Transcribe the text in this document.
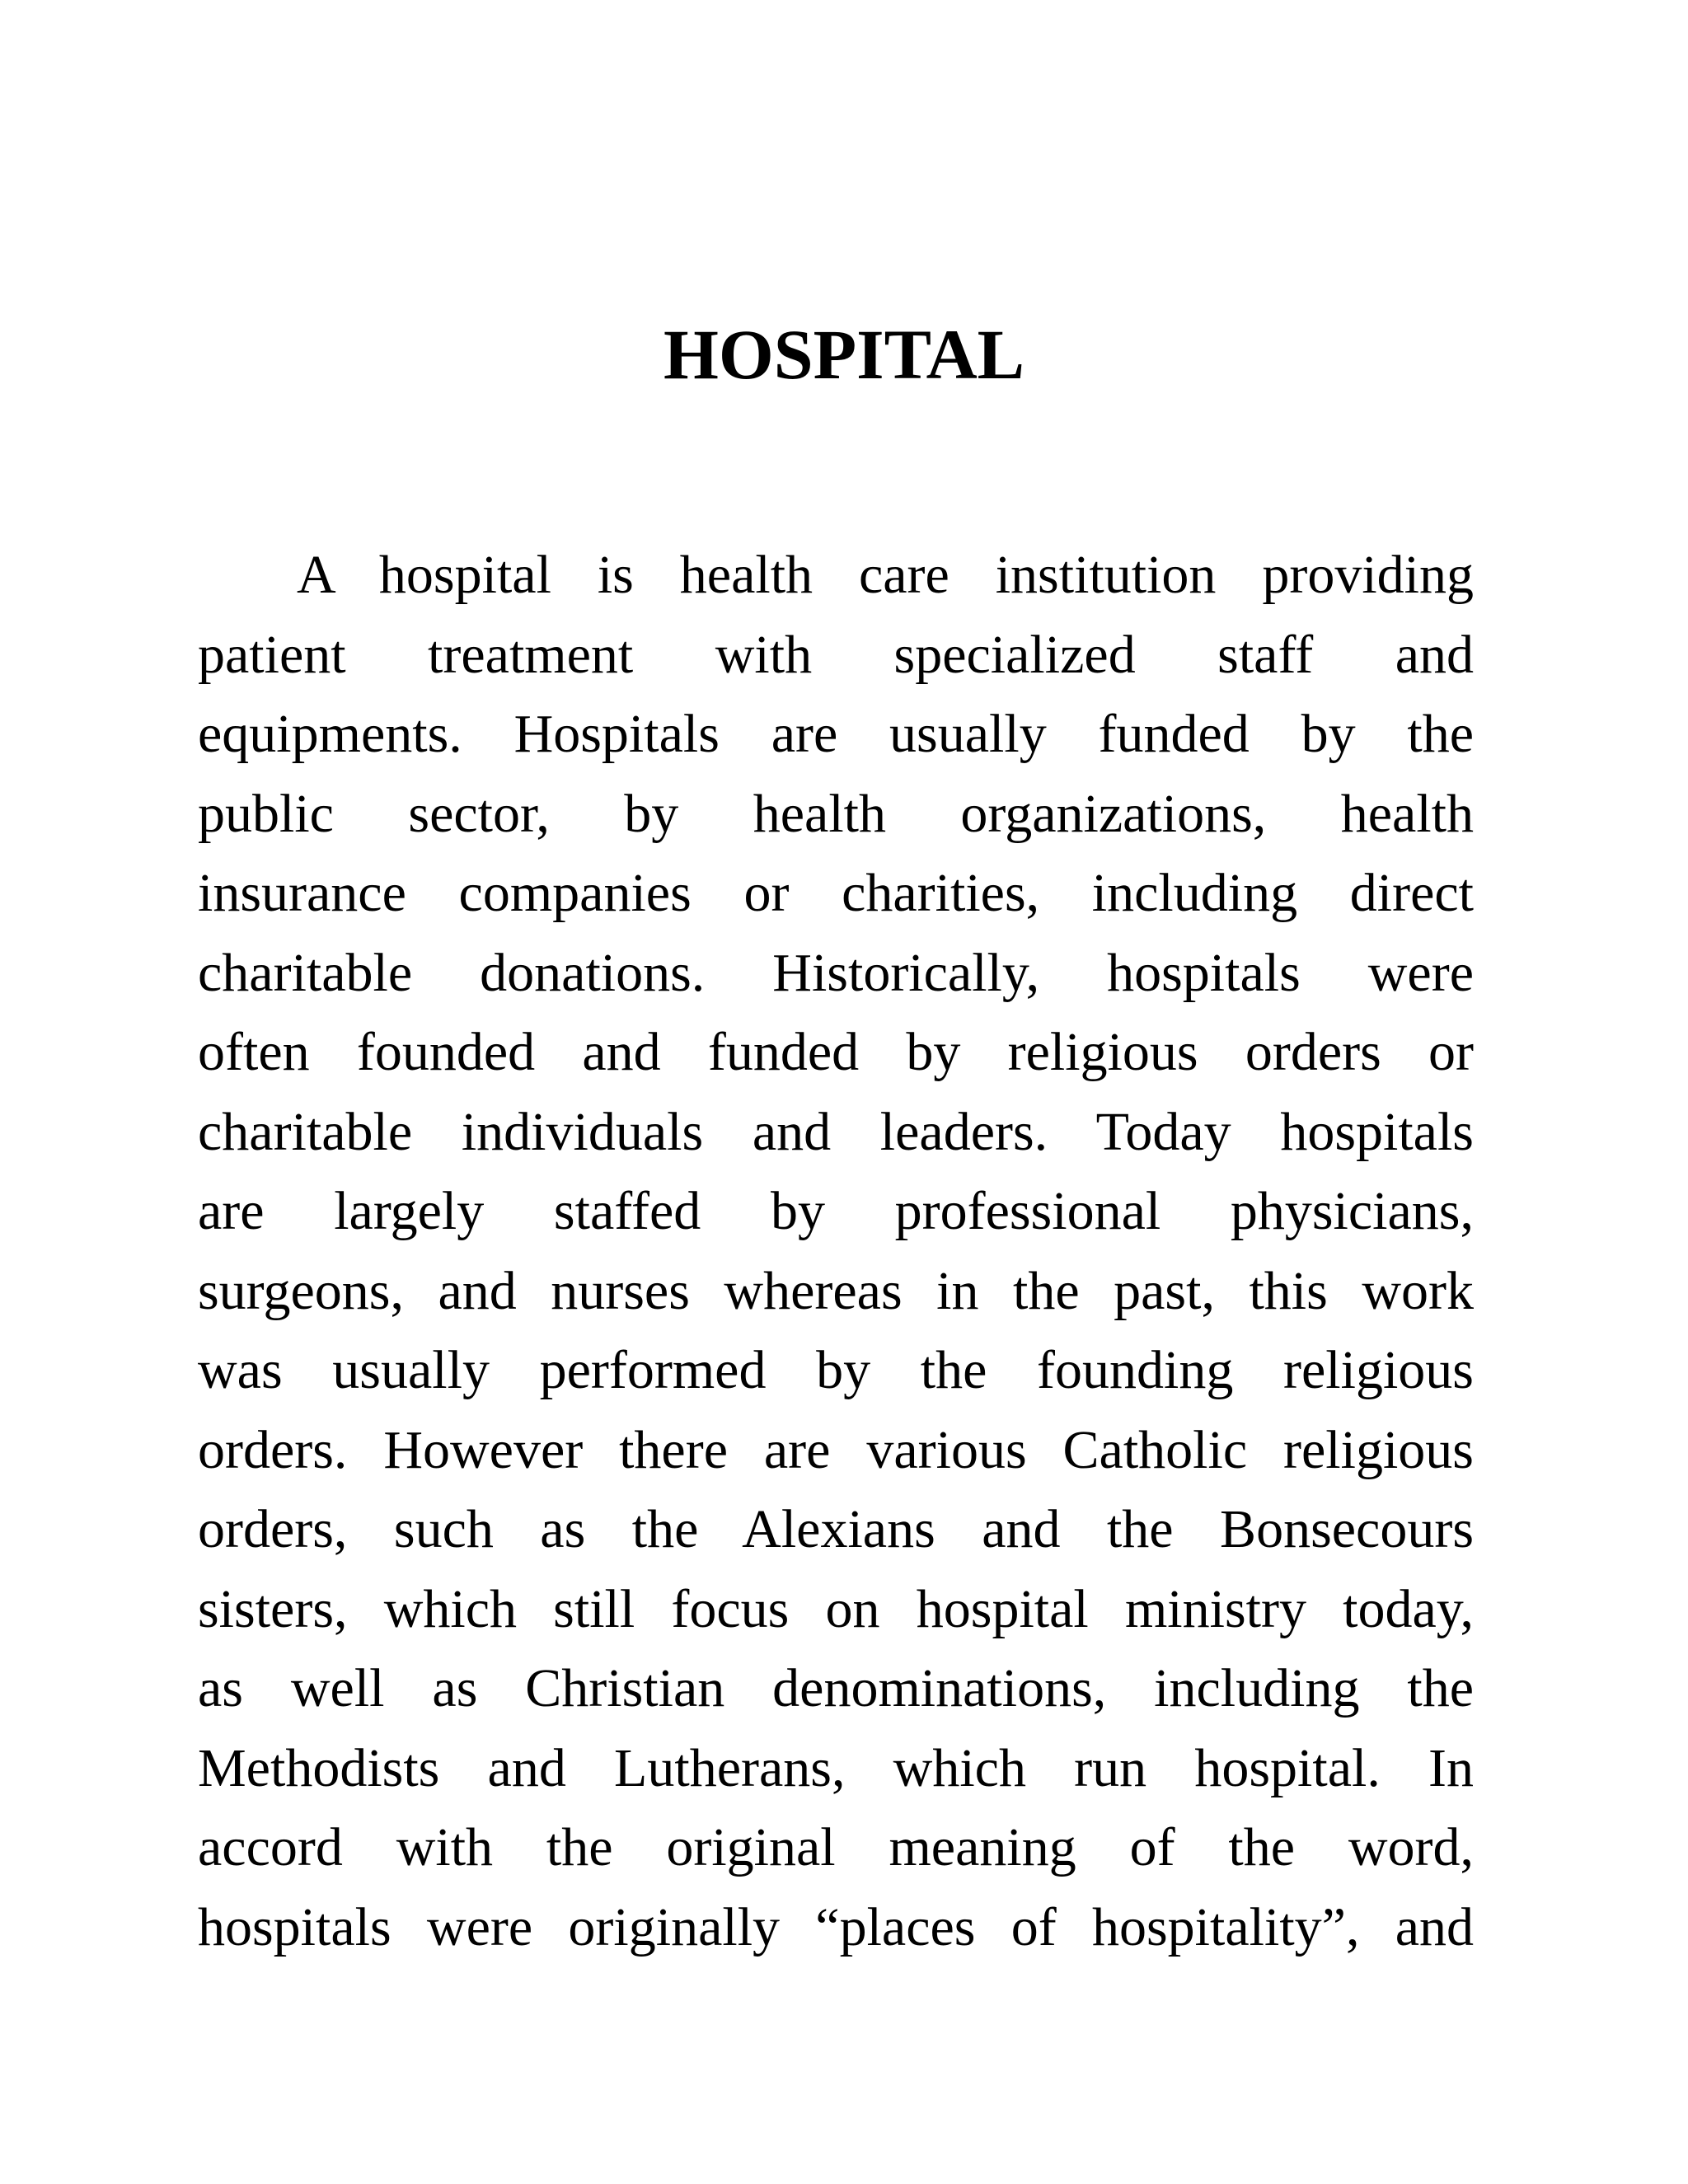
HOSPITAL
A hospital is health care institution providing
patient treatment with specialized staff and
equipments. Hospitals are usually funded by the
public sector, by health organizations, health
insurance companies or charities, including direct
charitable donations. Historically, hospitals were
often founded and funded by religious orders or
charitable individuals and leaders. Today hospitals
are largely staffed by professional physicians,
surgeons, and nurses whereas in the past, this work
was usually performed by the founding religious
orders. However there are various Catholic religious
orders, such as the Alexians and the Bonsecours
sisters, which still focus on hospital ministry today,
as well as Christian denominations, including the
Methodists and Lutherans, which run hospital. In
accord with the original meaning of the word,
hospitals were originally “places of hospitality”, and
